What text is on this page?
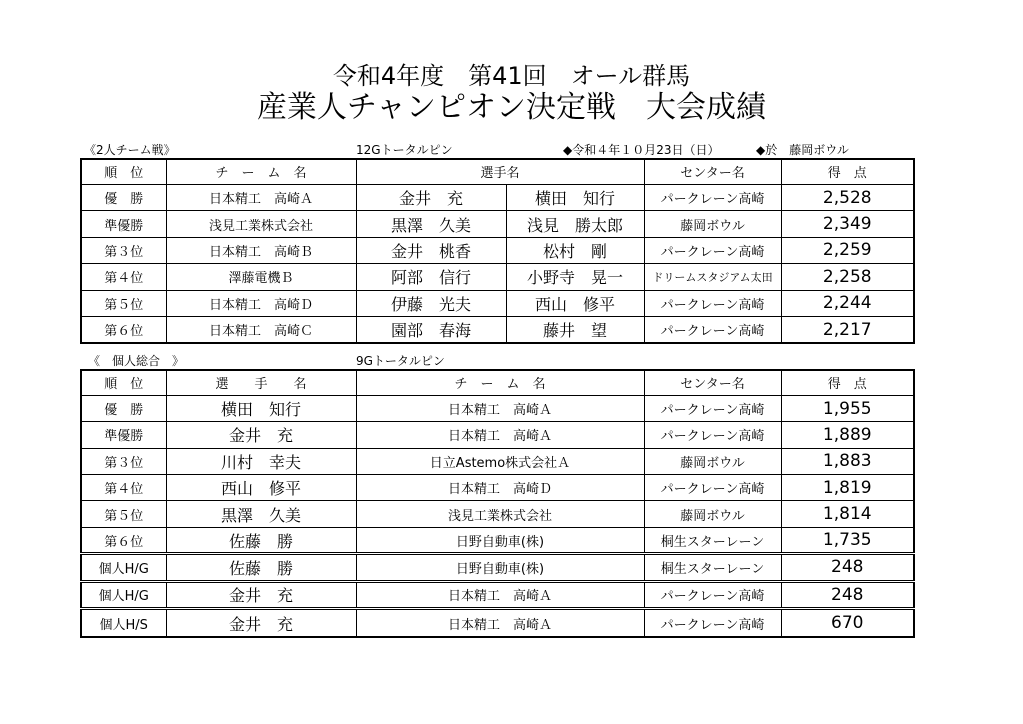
令和4年度　第41回　オール群馬
産業人チャンピオン決定戦　大会成績
《2人チーム戦》	12Gトータルピン	◆令和４年１０月23日（日）	◆於　藤岡ボウル
順　位	チ　ー　ム　名	選手名		センター名	得　点
優　勝	日本精工　高崎Ａ	金井　充	横田　知行	パークレーン高崎	2,528
準優勝	浅見工業株式会社	黒澤　久美	浅見　勝太郎	藤岡ボウル	2,349
第３位	日本精工　高崎Ｂ	金井　桃香	松村　剛	パークレーン高崎	2,259
第４位	澤藤電機Ｂ	阿部　信行	小野寺　晃一	ドリームスタジアム太田	2,258
第５位	日本精工　高崎Ｄ	伊藤　光夫	西山　修平	パークレーン高崎	2,244
第６位	日本精工　高崎Ｃ	園部　春海	藤井　望	パークレーン高崎	2,217
《　個人総合　》	9Gトータルピン
順　位	選　　手　　名	チ　ー　ム　名	センター名	得　点
優　勝	横田　知行	日本精工　高崎Ａ	パークレーン高崎	1,955
準優勝	金井　充	日本精工　高崎Ａ	パークレーン高崎	1,889
第３位	川村　幸夫	日立Astemo株式会社Ａ	藤岡ボウル	1,883
第４位	西山　修平	日本精工　高崎Ｄ	パークレーン高崎	1,819
第５位	黒澤　久美	浅見工業株式会社	藤岡ボウル	1,814
第６位	佐藤　勝	日野自動車(株)	桐生スターレーン	1,735
個人H/G	佐藤　勝	日野自動車(株)	桐生スターレーン	248
個人H/G	金井　充	日本精工　高崎Ａ	パークレーン高崎	248
個人H/S	金井　充	日本精工　高崎Ａ	パークレーン高崎	670
